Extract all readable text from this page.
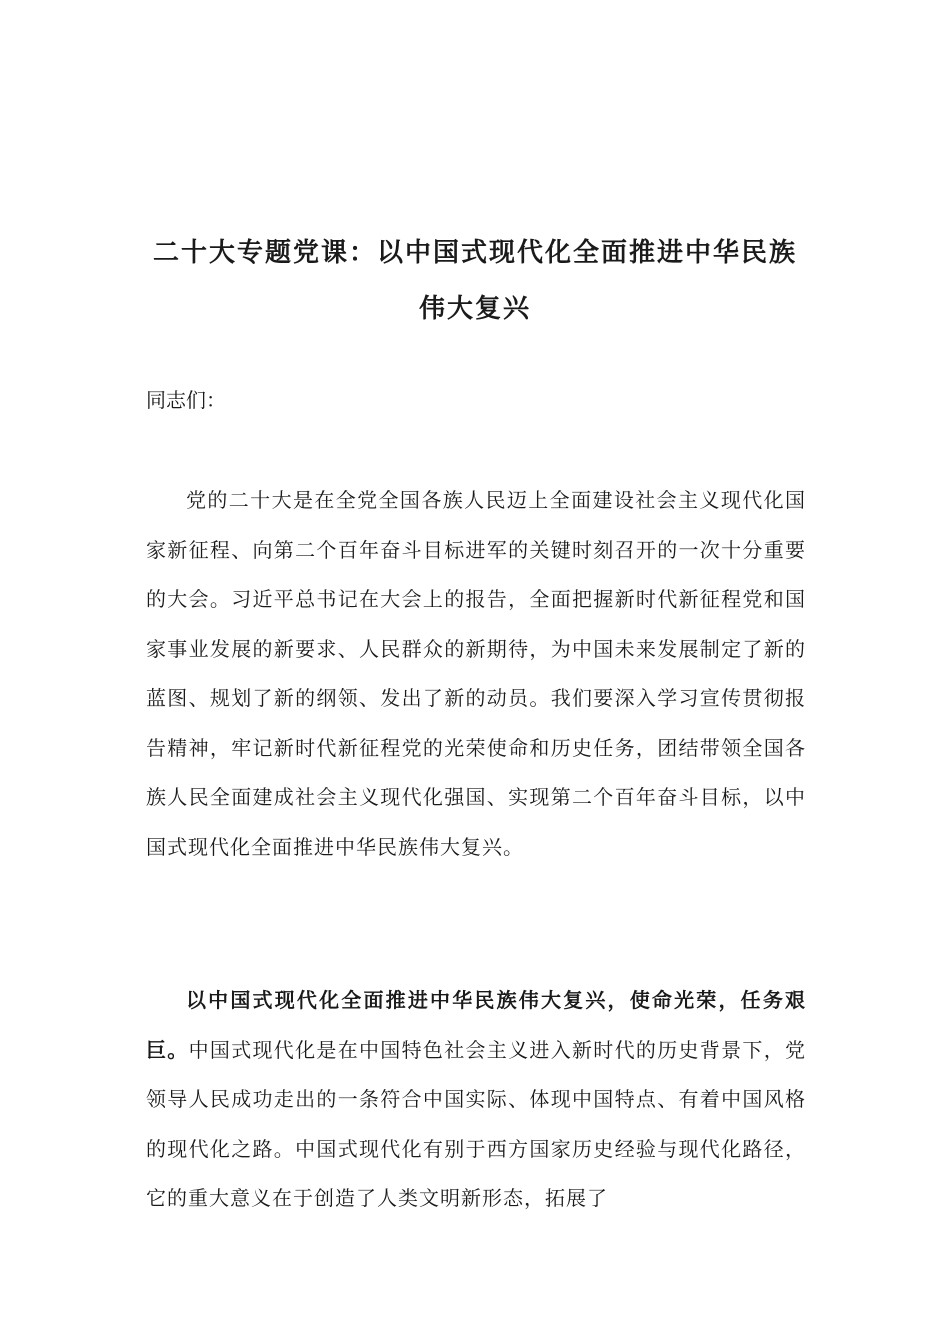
二十大专题党课：以中国式现代化全面推进中华民族伟大复兴

同志们：

党的二十大是在全党全国各族人民迈上全面建设社会主义现代化国家新征程、向第二个百年奋斗目标进军的关键时刻召开的一次十分重要的大会。习近平总书记在大会上的报告，全面把握新时代新征程党和国家事业发展的新要求、人民群众的新期待，为中国未来发展制定了新的蓝图、规划了新的纲领、发出了新的动员。我们要深入学习宣传贯彻报告精神，牢记新时代新征程党的光荣使命和历史任务，团结带领全国各族人民全面建成社会主义现代化强国、实现第二个百年奋斗目标，以中国式现代化全面推进中华民族伟大复兴。

以中国式现代化全面推进中华民族伟大复兴，使命光荣，任务艰巨。中国式现代化是在中国特色社会主义进入新时代的历史背景下，党领导人民成功走出的一条符合中国实际、体现中国特点、有着中国风格的现代化之路。中国式现代化有别于西方国家历史经验与现代化路径，它的重大意义在于创造了人类文明新形态，拓展了
